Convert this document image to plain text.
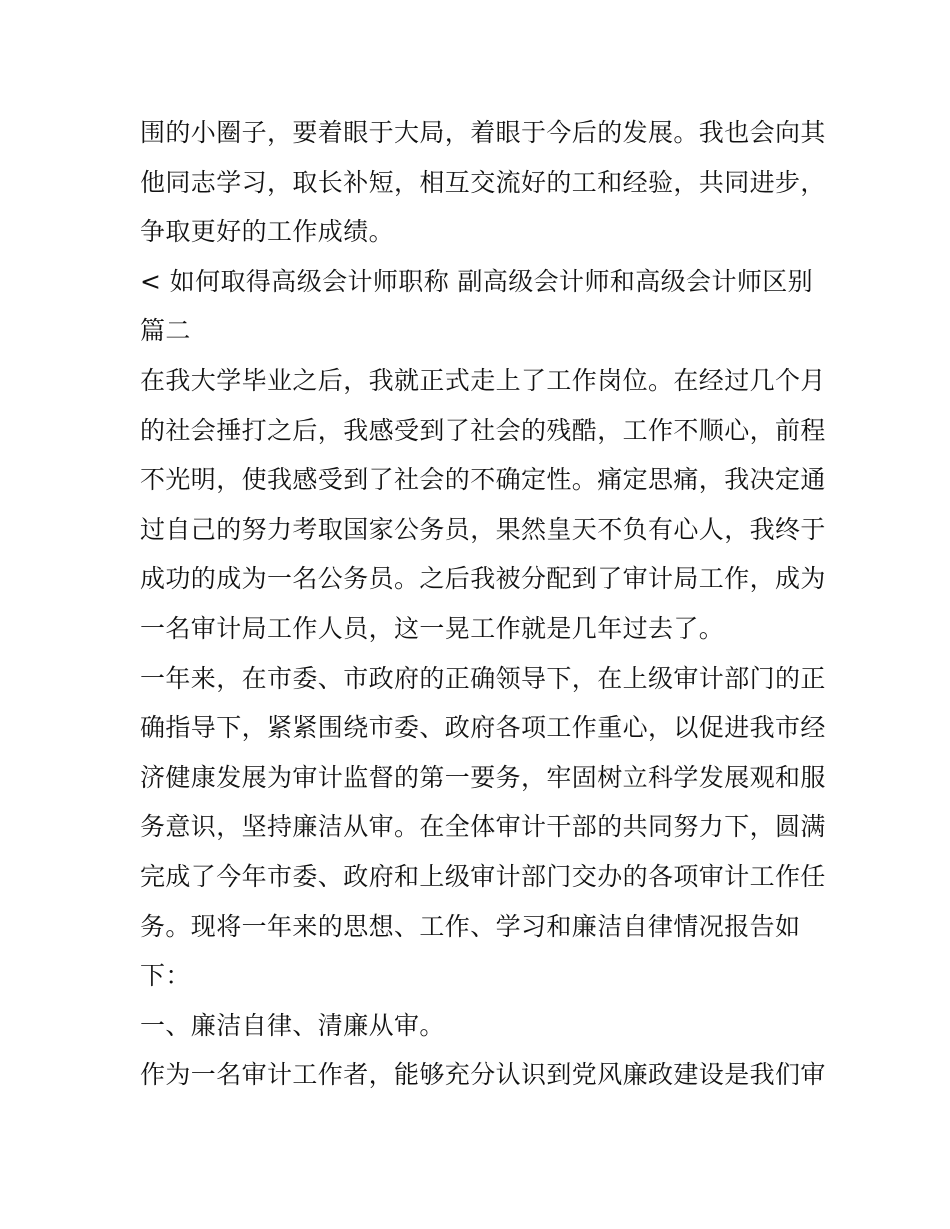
围的小圈子，要着眼于大局，着眼于今后的发展。我也会向其
他同志学习，取长补短，相互交流好的工和经验，共同进步，
争取更好的工作成绩。
< 如何取得高级会计师职称 副高级会计师和高级会计师区别
篇二
在我大学毕业之后，我就正式走上了工作岗位。在经过几个月
的社会捶打之后，我感受到了社会的残酷，工作不顺心，前程
不光明，使我感受到了社会的不确定性。痛定思痛，我决定通
过自己的努力考取国家公务员，果然皇天不负有心人，我终于
成功的成为一名公务员。之后我被分配到了审计局工作，成为
一名审计局工作人员，这一晃工作就是几年过去了。
一年来，在市委、市政府的正确领导下，在上级审计部门的正
确指导下，紧紧围绕市委、政府各项工作重心，以促进我市经
济健康发展为审计监督的第一要务，牢固树立科学发展观和服
务意识，坚持廉洁从审。在全体审计干部的共同努力下，圆满
完成了今年市委、政府和上级审计部门交办的各项审计工作任
务。现将一年来的思想、工作、学习和廉洁自律情况报告如
下：
一、廉洁自律、清廉从审。
作为一名审计工作者，能够充分认识到党风廉政建设是我们审
